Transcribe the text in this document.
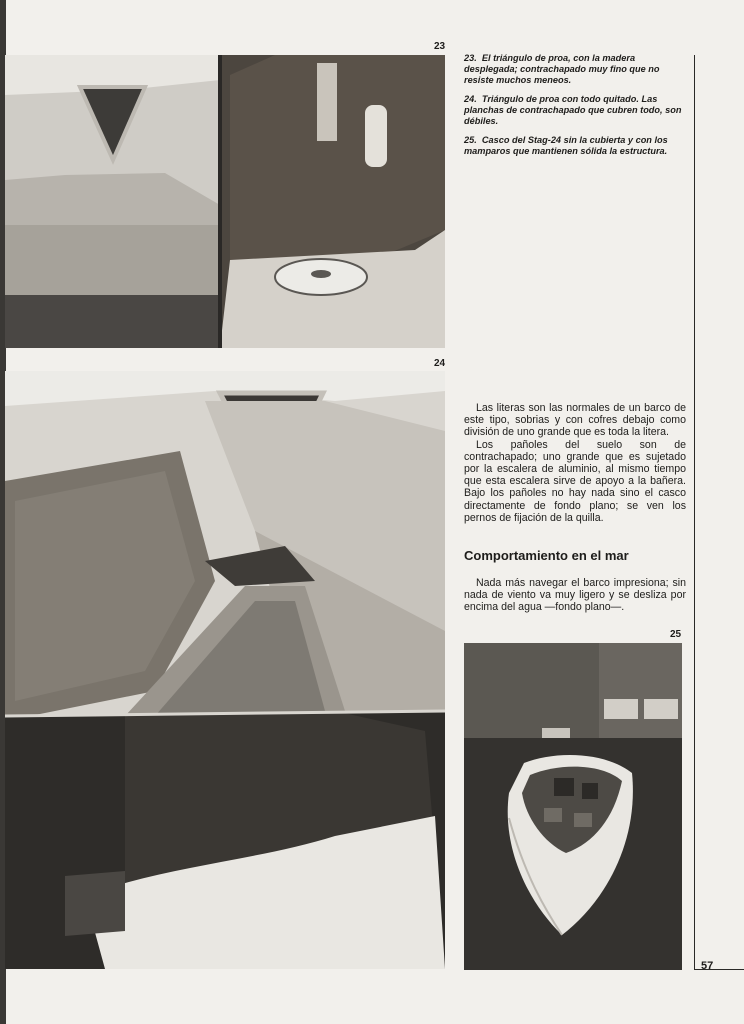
23
24

23. El triángulo de proa, con la madera desplegada; contrachapado muy fino que no resiste muchos meneos.

24. Triángulo de proa con todo quitado. Las planchas de contrachapado que cubren todo, son débiles.

25. Casco del Stag-24 sin la cubierta y con los mamparos que mantienen sólida la estructura.

Las literas son las normales de un barco de este tipo, sobrias y con cofres debajo como división de uno grande que es toda la litera.

Los pañoles del suelo son de contrachapado; uno grande que es sujetado por la escalera de aluminio, al mismo tiempo que esta escalera sirve de apoyo a la bañera. Bajo los pañoles no hay nada sino el casco directamente de fondo plano; se ven los pernos de fijación de la quilla.

Comportamiento en el mar

Nada más navegar el barco impresiona; sin nada de viento va muy ligero y se desliza por encima del agua —fondo plano—.

25
57
